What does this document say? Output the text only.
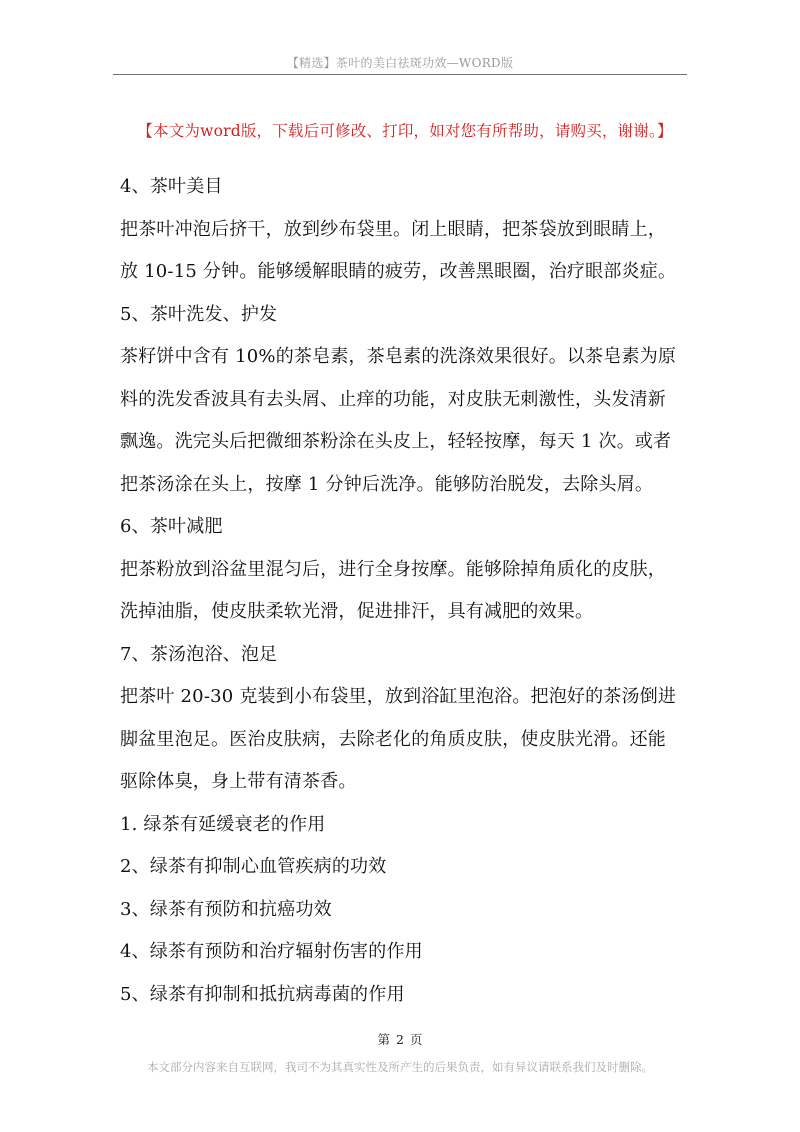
【精选】茶叶的美白祛斑功效—WORD版
【本文为word版，下载后可修改、打印，如对您有所帮助，请购买，谢谢。】
4、茶叶美目
把茶叶冲泡后挤干，放到纱布袋里。闭上眼睛，把茶袋放到眼睛上，
放 10-15 分钟。能够缓解眼睛的疲劳，改善黑眼圈，治疗眼部炎症。
5、茶叶洗发、护发
茶籽饼中含有 10%的茶皂素，茶皂素的洗涤效果很好。以茶皂素为原
料的洗发香波具有去头屑、止痒的功能，对皮肤无刺激性，头发清新
飘逸。洗完头后把微细茶粉涂在头皮上，轻轻按摩，每天 1 次。或者
把茶汤涂在头上，按摩 1 分钟后洗净。能够防治脱发，去除头屑。
6、茶叶减肥
把茶粉放到浴盆里混匀后，进行全身按摩。能够除掉角质化的皮肤，
洗掉油脂，使皮肤柔软光滑，促进排汗，具有减肥的效果。
7、茶汤泡浴、泡足
把茶叶 20-30 克装到小布袋里，放到浴缸里泡浴。把泡好的茶汤倒进
脚盆里泡足。医治皮肤病，去除老化的角质皮肤，使皮肤光滑。还能
驱除体臭，身上带有清茶香。
1. 绿茶有延缓衰老的作用
2、绿茶有抑制心血管疾病的功效
3、绿茶有预防和抗癌功效
4、绿茶有预防和治疗辐射伤害的作用
5、绿茶有抑制和抵抗病毒菌的作用
第 2 页
本文部分内容来自互联网，我司不为其真实性及所产生的后果负责，如有异议请联系我们及时删除。
